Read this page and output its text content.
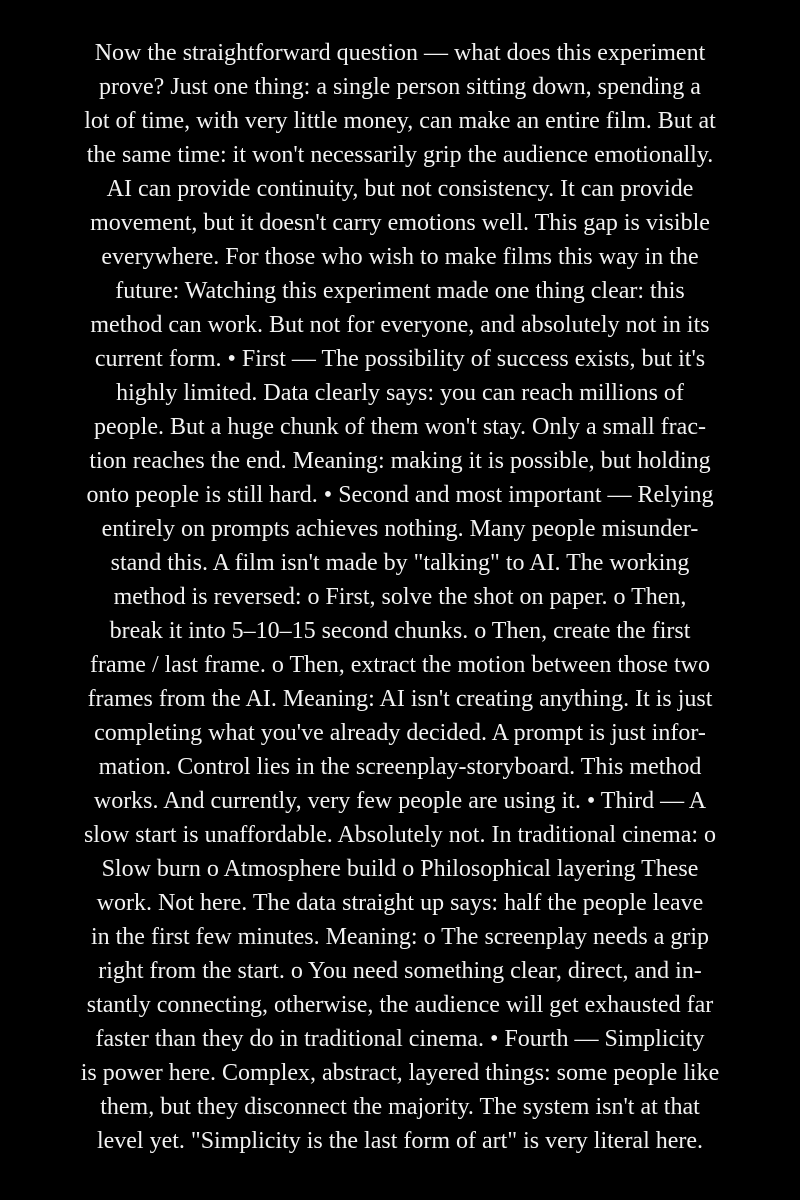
Now the straightforward question — what does this experiment
prove? Just one thing: a single person sitting down, spending a
lot of time, with very little money, can make an entire film. But at
the same time: it won't necessarily grip the audience emotionally.
AI can provide continuity, but not consistency. It can provide
movement, but it doesn't carry emotions well. This gap is visible
everywhere. For those who wish to make films this way in the
future: Watching this experiment made one thing clear: this
method can work. But not for everyone, and absolutely not in its
current form. • First — The possibility of success exists, but it's
highly limited. Data clearly says: you can reach millions of
people. But a huge chunk of them won't stay. Only a small frac-
tion reaches the end. Meaning: making it is possible, but holding
onto people is still hard. • Second and most important — Relying
entirely on prompts achieves nothing. Many people misunder-
stand this. A film isn't made by "talking" to AI. The working
method is reversed: o First, solve the shot on paper. o Then,
break it into 5–10–15 second chunks. o Then, create the first
frame / last frame. o Then, extract the motion between those two
frames from the AI. Meaning: AI isn't creating anything. It is just
completing what you've already decided. A prompt is just infor-
mation. Control lies in the screenplay-storyboard. This method
works. And currently, very few people are using it. • Third — A
slow start is unaffordable. Absolutely not. In traditional cinema: o
Slow burn o Atmosphere build o Philosophical layering These
work. Not here. The data straight up says: half the people leave
in the first few minutes. Meaning: o The screenplay needs a grip
right from the start. o You need something clear, direct, and in-
stantly connecting, otherwise, the audience will get exhausted far
faster than they do in traditional cinema. • Fourth — Simplicity
is power here. Complex, abstract, layered things: some people like
them, but they disconnect the majority. The system isn't at that
level yet. "Simplicity is the last form of art" is very literal here.
